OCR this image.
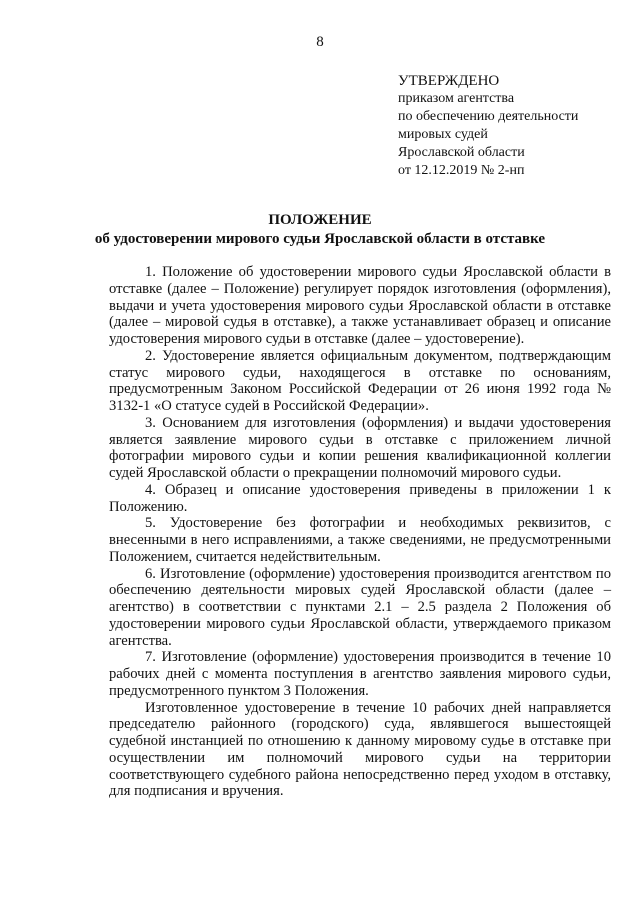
8
УТВЕРЖДЕНО
приказом агентства
по обеспечению деятельности
мировых судей
Ярославской области
от 12.12.2019 № 2-нп
ПОЛОЖЕНИЕ
об удостоверении мирового судьи Ярославской области в отставке

1. Положение об удостоверении мирового судьи Ярославской области в отставке (далее – Положение) регулирует порядок изготовления (оформления), выдачи и учета удостоверения мирового судьи Ярославской области в отставке (далее – мировой судья в отставке), а также устанавливает образец и описание удостоверения мирового судьи в отставке (далее – удостоверение).

2. Удостоверение является официальным документом, подтверждающим статус мирового судьи, находящегося в отставке по основаниям, предусмотренным Законом Российской Федерации от 26 июня 1992 года № 3132-1 «О статусе судей в Российской Федерации».

3. Основанием для изготовления (оформления) и выдачи удостоверения является заявление мирового судьи в отставке с приложением личной фотографии мирового судьи и копии решения квалификационной коллегии судей Ярославской области о прекращении полномочий мирового судьи.

4. Образец и описание удостоверения приведены в приложении 1 к Положению.

5. Удостоверение без фотографии и необходимых реквизитов, с внесенными в него исправлениями, а также сведениями, не предусмотренными Положением, считается недействительным.

6. Изготовление (оформление) удостоверения производится агентством по обеспечению деятельности мировых судей Ярославской области (далее – агентство) в соответствии с пунктами 2.1 – 2.5 раздела 2 Положения об удостоверении мирового судьи Ярославской области, утверждаемого приказом агентства.

7. Изготовление (оформление) удостоверения производится в течение 10 рабочих дней с момента поступления в агентство заявления мирового судьи, предусмотренного пунктом 3 Положения.

Изготовленное удостоверение в течение 10 рабочих дней направляется председателю районного (городского) суда, являвшегося вышестоящей судебной инстанцией по отношению к данному мировому судье в отставке при осуществлении им полномочий мирового судьи на территории соответствующего судебного района непосредственно перед уходом в отставку, для подписания и вручения.
